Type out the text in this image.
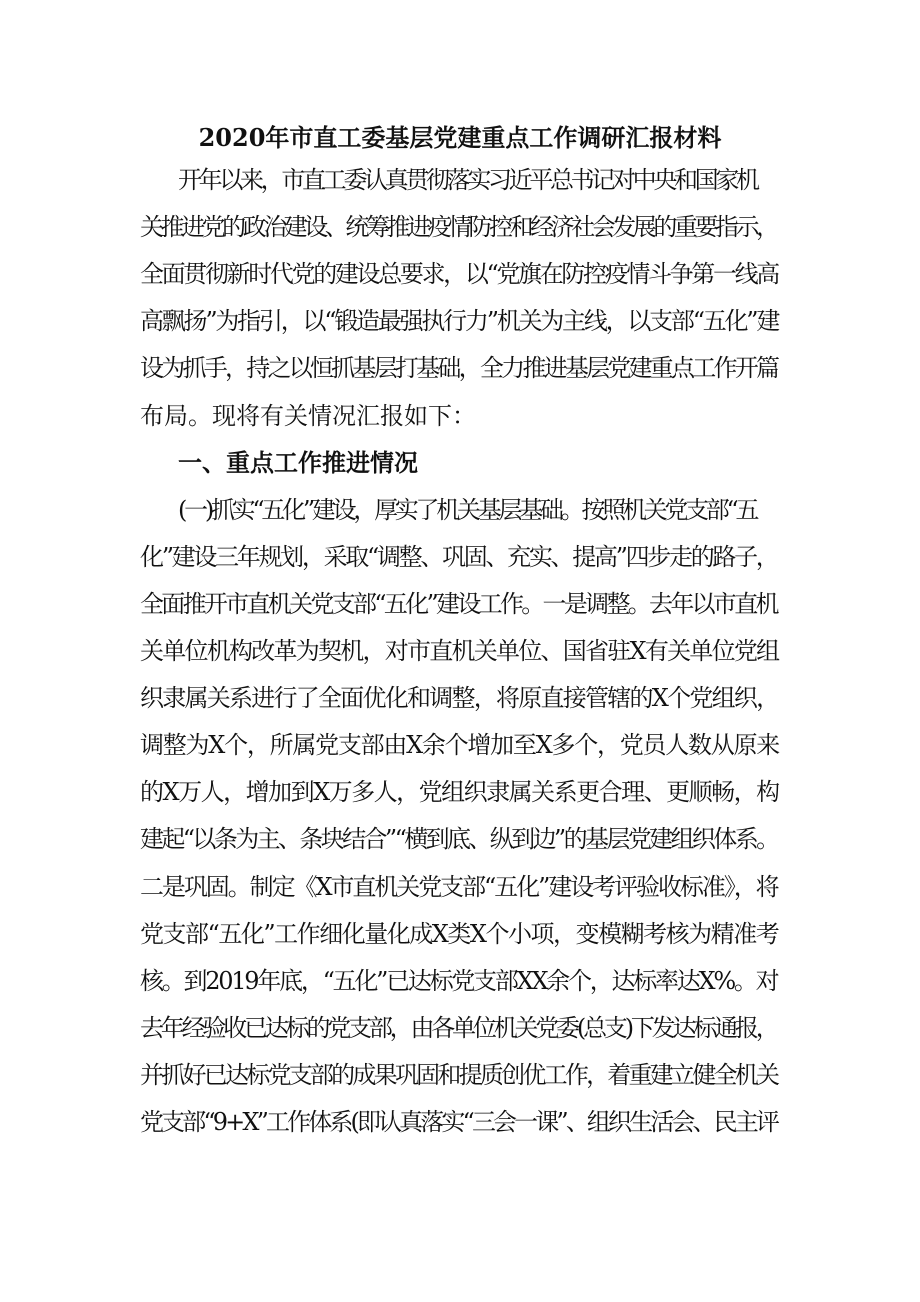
2020年市直工委基层党建重点工作调研汇报材料
开年以来，市直工委认真贯彻落实习近平总书记对中央和国家机
关推进党的政治建设、统筹推进疫情防控和经济社会发展的重要指示，
全面贯彻新时代党的建设总要求，以“党旗在防控疫情斗争第一线高
高飘扬”为指引，以“锻造最强执行力”机关为主线，以支部“五化”建
设为抓手，持之以恒抓基层打基础，全力推进基层党建重点工作开篇
布局。现将有关情况汇报如下：
一、重点工作推进情况
(一)抓实“五化”建设，厚实了机关基层基础。按照机关党支部“五
化”建设三年规划，采取“调整、巩固、充实、提高”四步走的路子，
全面推开市直机关党支部“五化”建设工作。一是调整。去年以市直机
关单位机构改革为契机，对市直机关单位、国省驻X有关单位党组
织隶属关系进行了全面优化和调整，将原直接管辖的X个党组织，
调整为X个，所属党支部由X余个增加至X多个，党员人数从原来
的X万人，增加到X万多人，党组织隶属关系更合理、更顺畅，构
建起“以条为主、条块结合”“横到底、纵到边”的基层党建组织体系。
二是巩固。制定《X市直机关党支部“五化”建设考评验收标准》，将
党支部“五化”工作细化量化成X类X个小项，变模糊考核为精准考
核。到2019年底，“五化”已达标党支部XX余个，达标率达X%。对
去年经验收已达标的党支部，由各单位机关党委(总支)下发达标通报，
并抓好已达标党支部的成果巩固和提质创优工作，着重建立健全机关
党支部“9+X”工作体系(即认真落实“三会一课”、组织生活会、民主评
